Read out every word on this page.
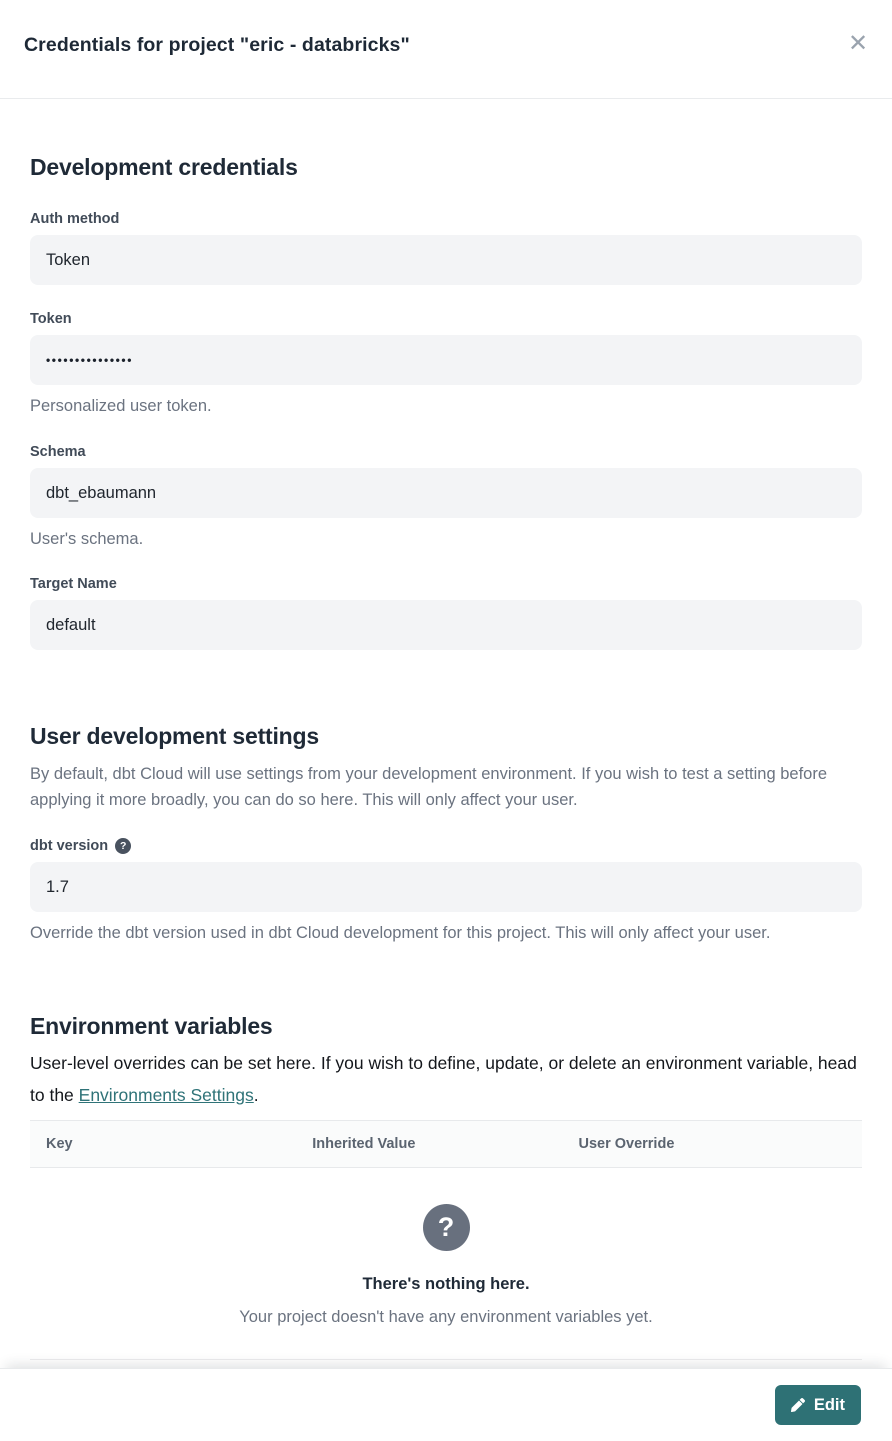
Credentials for project "eric - databricks"	✕
Development credentials
Auth method
Token
Token
•••••••••••••••
Personalized user token.
Schema
dbt_ebaumann
User's schema.
Target Name
default
User development settings

By default, dbt Cloud will use settings from your development environment. If you wish to test a setting before applying it more broadly, you can do so here. This will only affect your user.

dbt version ?
1.7
Override the dbt version used in dbt Cloud development for this project. This will only affect your user.
Environment variables

User-level overrides can be set here. If you wish to define, update, or delete an environment variable, head to the Environments Settings.

Key	Inherited Value	User Override
?
There's nothing here.
Your project doesn't have any environment variables yet.
Edit
